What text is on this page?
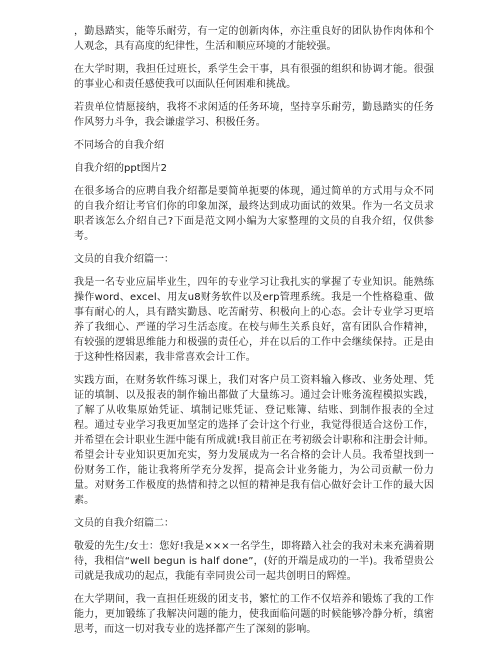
，勤恳踏实，能等乐耐劳，有一定的创新肉体，亦注重良好的团队协作肉体和个人观念，具有高度的纪律性，生活和顺应环境的才能较强。

在大学时期，我担任过班长，系学生会干事，具有很强的组织和协调才能。很强的事业心和责任感使我可以面队任何困难和挑战。

若贵单位情愿接纳，我将不求闲适的任务环境，坚持享乐耐劳，勤恳踏实的任务作风努力斗争，我会谦虚学习、积极任务。

不同场合的自我介绍
自我介绍的ppt图片2

在很多场合的应聘自我介绍都是要简单扼要的体现，通过简单的方式用与众不同的自我介绍让考官们你的印象加深，最终达到成功面试的效果。作为一名文员求职者该怎么介绍自己?下面是范文网小编为大家整理的文员的自我介绍，仅供参考。

文员的自我介绍篇一：

我是一名专业应届毕业生，四年的专业学习让我扎实的掌握了专业知识。能熟练操作word、excel、用友u8财务软件以及erp管理系统。我是一个性格稳重、做事有耐心的人，具有踏实勤恳、吃苦耐劳、积极向上的心态。会计专业学习更培养了我细心、严谨的学习生活态度。在校与师生关系良好，富有团队合作精神，有较强的逻辑思维能力和极强的责任心，并在以后的工作中会继续保持。正是由于这种性格因素，我非常喜欢会计工作。

实践方面，在财务软件练习课上，我们对客户员工资料输入修改、业务处理、凭证的填制、以及报表的制作输出都做了大量练习。通过会计账务流程模拟实践，了解了从收集原始凭证、填制记账凭证、登记账簿、结账、到制作报表的全过程。通过专业学习我更加坚定的选择了会计这个行业，我觉得很适合这份工作，并希望在会计职业生涯中能有所成就!我目前正在考初级会计职称和注册会计师。希望会计专业知识更加充实，努力发展成为一名合格的会计人员。我希望找到一份财务工作，能让我将所学充分发挥，提高会计业务能力，为公司贡献一份力量。对财务工作极度的热情和持之以恒的精神是我有信心做好会计工作的最大因素。

文员的自我介绍篇二：

敬爱的先生/女士：您好!我是×××一名学生，即将踏入社会的我对未来充满着期待，我相信“well begun is half done”，(好的开端是成功的一半)。我希望贵公司就是我成功的起点，我能有幸同贵公司一起共创明日的辉煌。

在大学期间，我一直担任班级的团支书，繁忙的工作不仅培养和锻炼了我的工作能力，更加锻练了我解决问题的能力，使我面临问题的时候能够冷静分析，缜密思考，而这一切对我专业的选择都产生了深刻的影响。
